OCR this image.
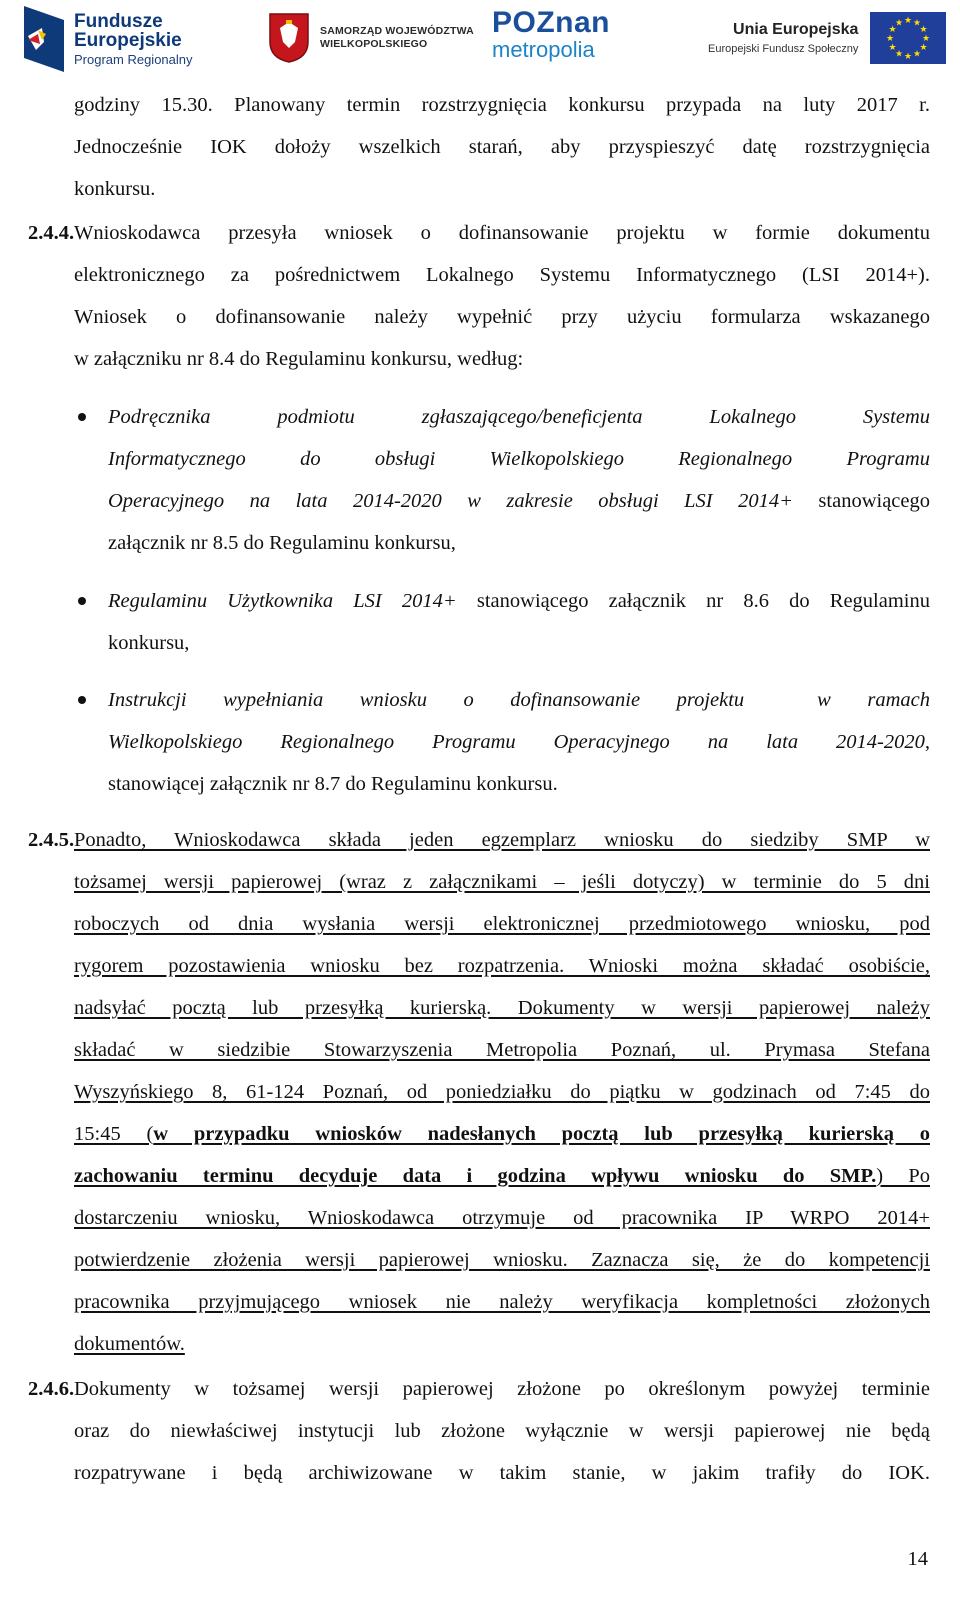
Fundusze
Europejskie
Program Regionalny
SAMORZĄD WOJEWÓDZTWA
WIELKOPOLSKIEGO
POZnan
metropolia
Unia Europejska
Europejski Fundusz Społeczny
★ ★
★
★
★
★
★
★
★
★
★
★
godziny 15.30. Planowany termin rozstrzygnięcia konkursu przypada na luty 2017 r.
Jednocześnie IOK dołoży wszelkich starań, aby przyspieszyć datę rozstrzygnięcia
konkursu.
2.4.4. Wnioskodawca przesyła wniosek o dofinansowanie projektu w formie dokumentu
elektronicznego za pośrednictwem Lokalnego Systemu Informatycznego (LSI 2014+).
Wniosek o dofinansowanie należy wypełnić przy użyciu formularza wskazanego
w załączniku nr 8.4 do Regulaminu konkursu, według:
Podręcznika podmiotu zgłaszającego/beneficjenta Lokalnego Systemu
Informatycznego do obsługi Wielkopolskiego Regionalnego Programu
Operacyjnego na lata 2014-2020 w zakresie obsługi LSI 2014+ stanowiącego
załącznik nr 8.5 do Regulaminu konkursu,
Regulaminu Użytkownika LSI 2014+ stanowiącego załącznik nr 8.6 do Regulaminu
konkursu,
Instrukcji wypełniania wniosku o dofinansowanie projektu  w ramach
Wielkopolskiego Regionalnego Programu Operacyjnego na lata 2014-2020,
stanowiącej załącznik nr 8.7 do Regulaminu konkursu.
2.4.5. Ponadto, Wnioskodawca składa jeden egzemplarz wniosku do siedziby SMP w
tożsamej wersji papierowej (wraz z załącznikami – jeśli dotyczy) w terminie do 5 dni
roboczych od dnia wysłania wersji elektronicznej przedmiotowego wniosku, pod
rygorem pozostawienia wniosku bez rozpatrzenia. Wnioski można składać osobiście,
nadsyłać pocztą lub przesyłką kurierską. Dokumenty w wersji papierowej należy
składać w siedzibie Stowarzyszenia Metropolia Poznań, ul. Prymasa Stefana
Wyszyńskiego 8, 61-124 Poznań, od poniedziałku do piątku w godzinach od 7:45 do
15:45 (w przypadku wniosków nadesłanych pocztą lub przesyłką kurierską o
zachowaniu terminu decyduje data i godzina wpływu wniosku do SMP.) Po
dostarczeniu wniosku, Wnioskodawca otrzymuje od pracownika IP WRPO 2014+
potwierdzenie złożenia wersji papierowej wniosku. Zaznacza się, że do kompetencji
pracownika przyjmującego wniosek nie należy weryfikacja kompletności złożonych
dokumentów.
2.4.6. Dokumenty w tożsamej wersji papierowej złożone po określonym powyżej terminie
oraz do niewłaściwej instytucji lub złożone wyłącznie w wersji papierowej nie będą
rozpatrywane i będą archiwizowane w takim stanie, w jakim trafiły do IOK.
14
